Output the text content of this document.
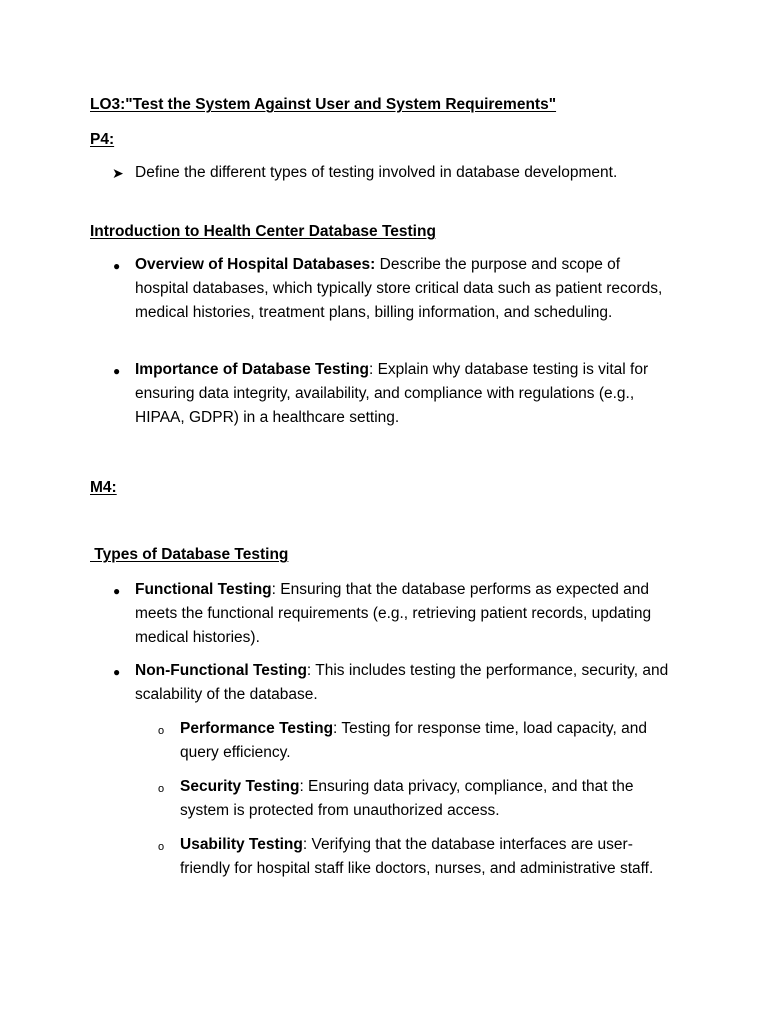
LO3:"Test the System Against User and System Requirements"
P4:
➤ Define the different types of testing involved in database development.
Introduction to Health Center Database Testing
● Overview of Hospital Databases: Describe the purpose and scope of hospital databases, which typically store critical data such as patient records, medical histories, treatment plans, billing information, and scheduling.
● Importance of Database Testing: Explain why database testing is vital for ensuring data integrity, availability, and compliance with regulations (e.g., HIPAA, GDPR) in a healthcare setting.
M4:
Types of Database Testing
● Functional Testing: Ensuring that the database performs as expected and meets the functional requirements (e.g., retrieving patient records, updating medical histories).
● Non-Functional Testing: This includes testing the performance, security, and scalability of the database.
o Performance Testing: Testing for response time, load capacity, and query efficiency.
o Security Testing: Ensuring data privacy, compliance, and that the system is protected from unauthorized access.
o Usability Testing: Verifying that the database interfaces are user-friendly for hospital staff like doctors, nurses, and administrative staff.
